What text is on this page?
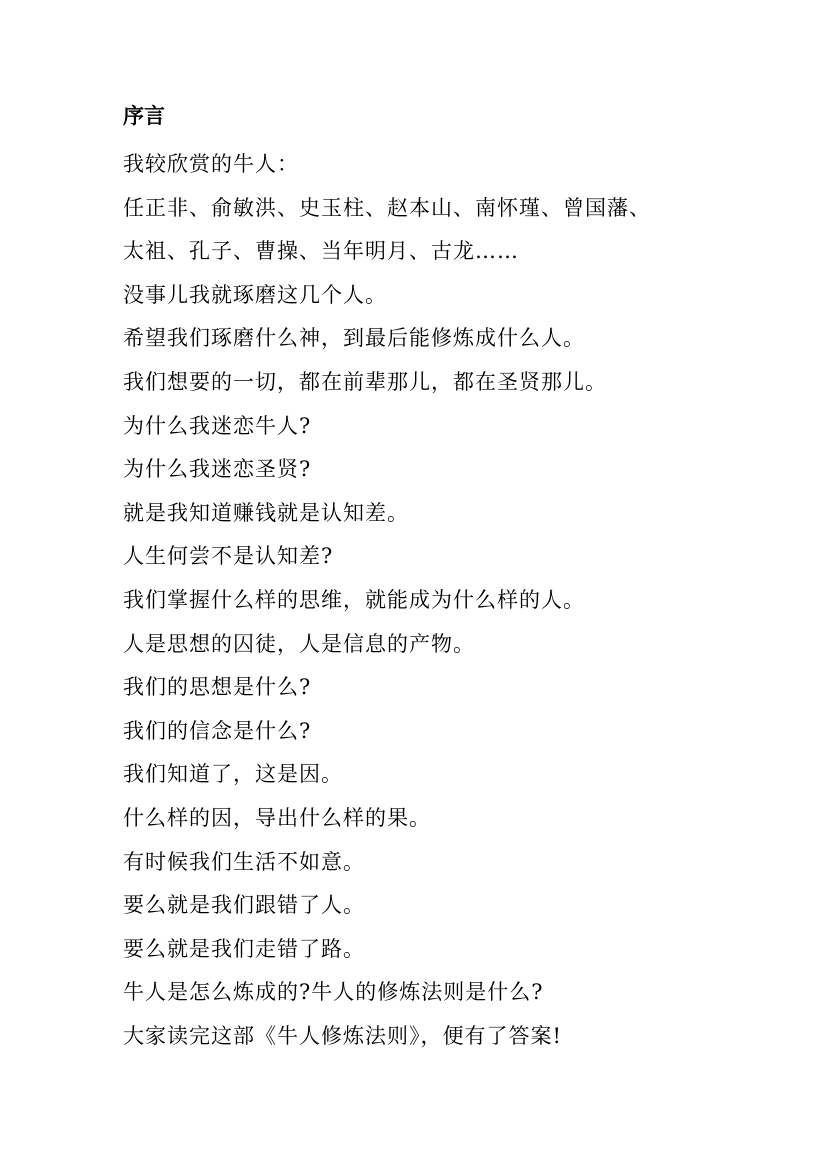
序言
我较欣赏的牛人：
任正非、俞敏洪、史玉柱、赵本山、南怀瑾、曾国藩、
太祖、孔子、曹操、当年明月、古龙……
没事儿我就琢磨这几个人。
希望我们琢磨什么神，到最后能修炼成什么人。
我们想要的一切，都在前辈那儿，都在圣贤那儿。
为什么我迷恋牛人?
为什么我迷恋圣贤?
就是我知道赚钱就是认知差。
人生何尝不是认知差?
我们掌握什么样的思维，就能成为什么样的人。
人是思想的囚徒，人是信息的产物。
我们的思想是什么?
我们的信念是什么?
我们知道了，这是因。
什么样的因，导出什么样的果。
有时候我们生活不如意。
要么就是我们跟错了人。
要么就是我们走错了路。
牛人是怎么炼成的?牛人的修炼法则是什么?
大家读完这部《牛人修炼法则》，便有了答案!
